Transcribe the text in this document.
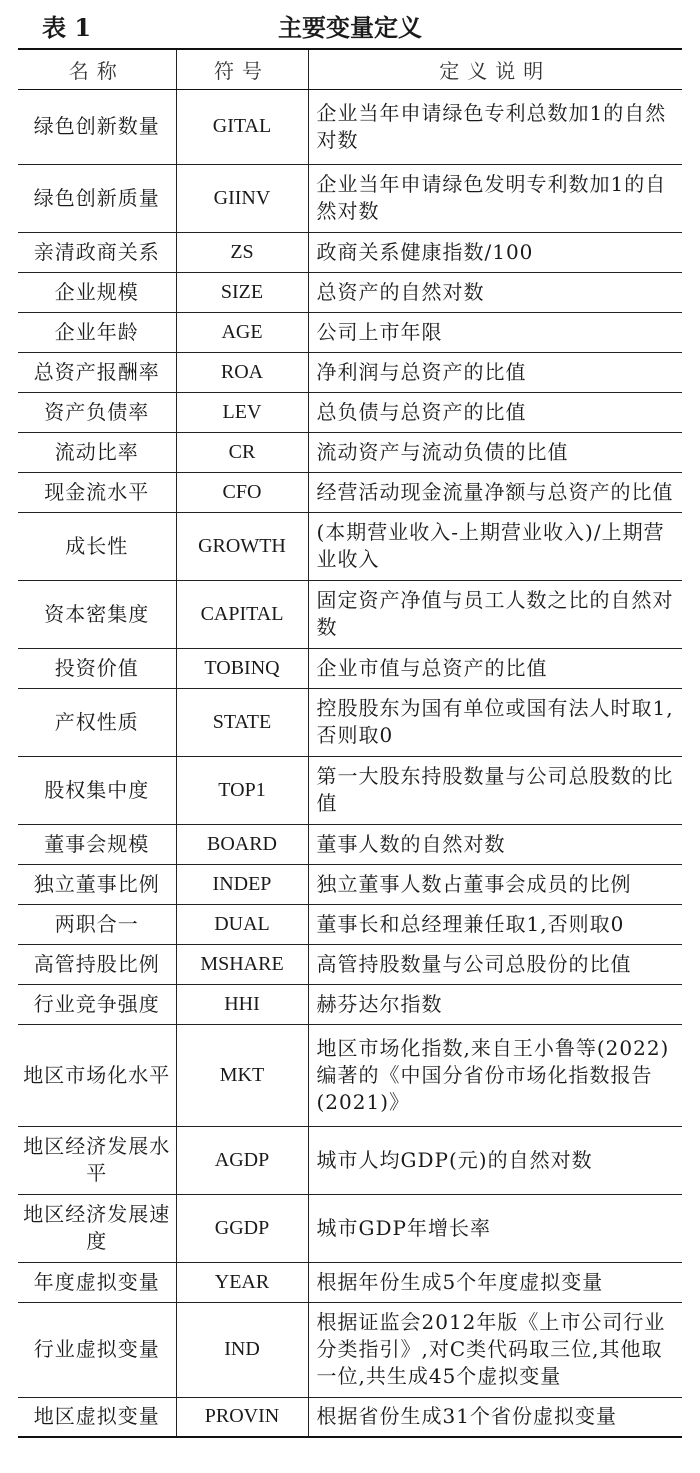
表 1	主要变量定义
名称	符号	定义说明
绿色创新数量	GITAL	企业当年申请绿色专利总数加1的自然对数
绿色创新质量	GIINV	企业当年申请绿色发明专利数加1的自然对数
亲清政商关系	ZS	政商关系健康指数/100
企业规模	SIZE	总资产的自然对数
企业年龄	AGE	公司上市年限
总资产报酬率	ROA	净利润与总资产的比值
资产负债率	LEV	总负债与总资产的比值
流动比率	CR	流动资产与流动负债的比值
现金流水平	CFO	经营活动现金流量净额与总资产的比值
成长性	GROWTH	(本期营业收入-上期营业收入)/上期营业收入
资本密集度	CAPITAL	固定资产净值与员工人数之比的自然对数
投资价值	TOBINQ	企业市值与总资产的比值
产权性质	STATE	控股股东为国有单位或国有法人时取1,否则取0
股权集中度	TOP1	第一大股东持股数量与公司总股数的比值
董事会规模	BOARD	董事人数的自然对数
独立董事比例	INDEP	独立董事人数占董事会成员的比例
两职合一	DUAL	董事长和总经理兼任取1,否则取0
高管持股比例	MSHARE	高管持股数量与公司总股份的比值
行业竞争强度	HHI	赫芬达尔指数
地区市场化水平	MKT	地区市场化指数,来自王小鲁等(2022)编著的《中国分省份市场化指数报告(2021)》
地区经济发展水平	AGDP	城市人均GDP(元)的自然对数
地区经济发展速度	GGDP	城市GDP年增长率
年度虚拟变量	YEAR	根据年份生成5个年度虚拟变量
行业虚拟变量	IND	根据证监会2012年版《上市公司行业分类指引》,对C类代码取三位,其他取一位,共生成45个虚拟变量
地区虚拟变量	PROVIN	根据省份生成31个省份虚拟变量
